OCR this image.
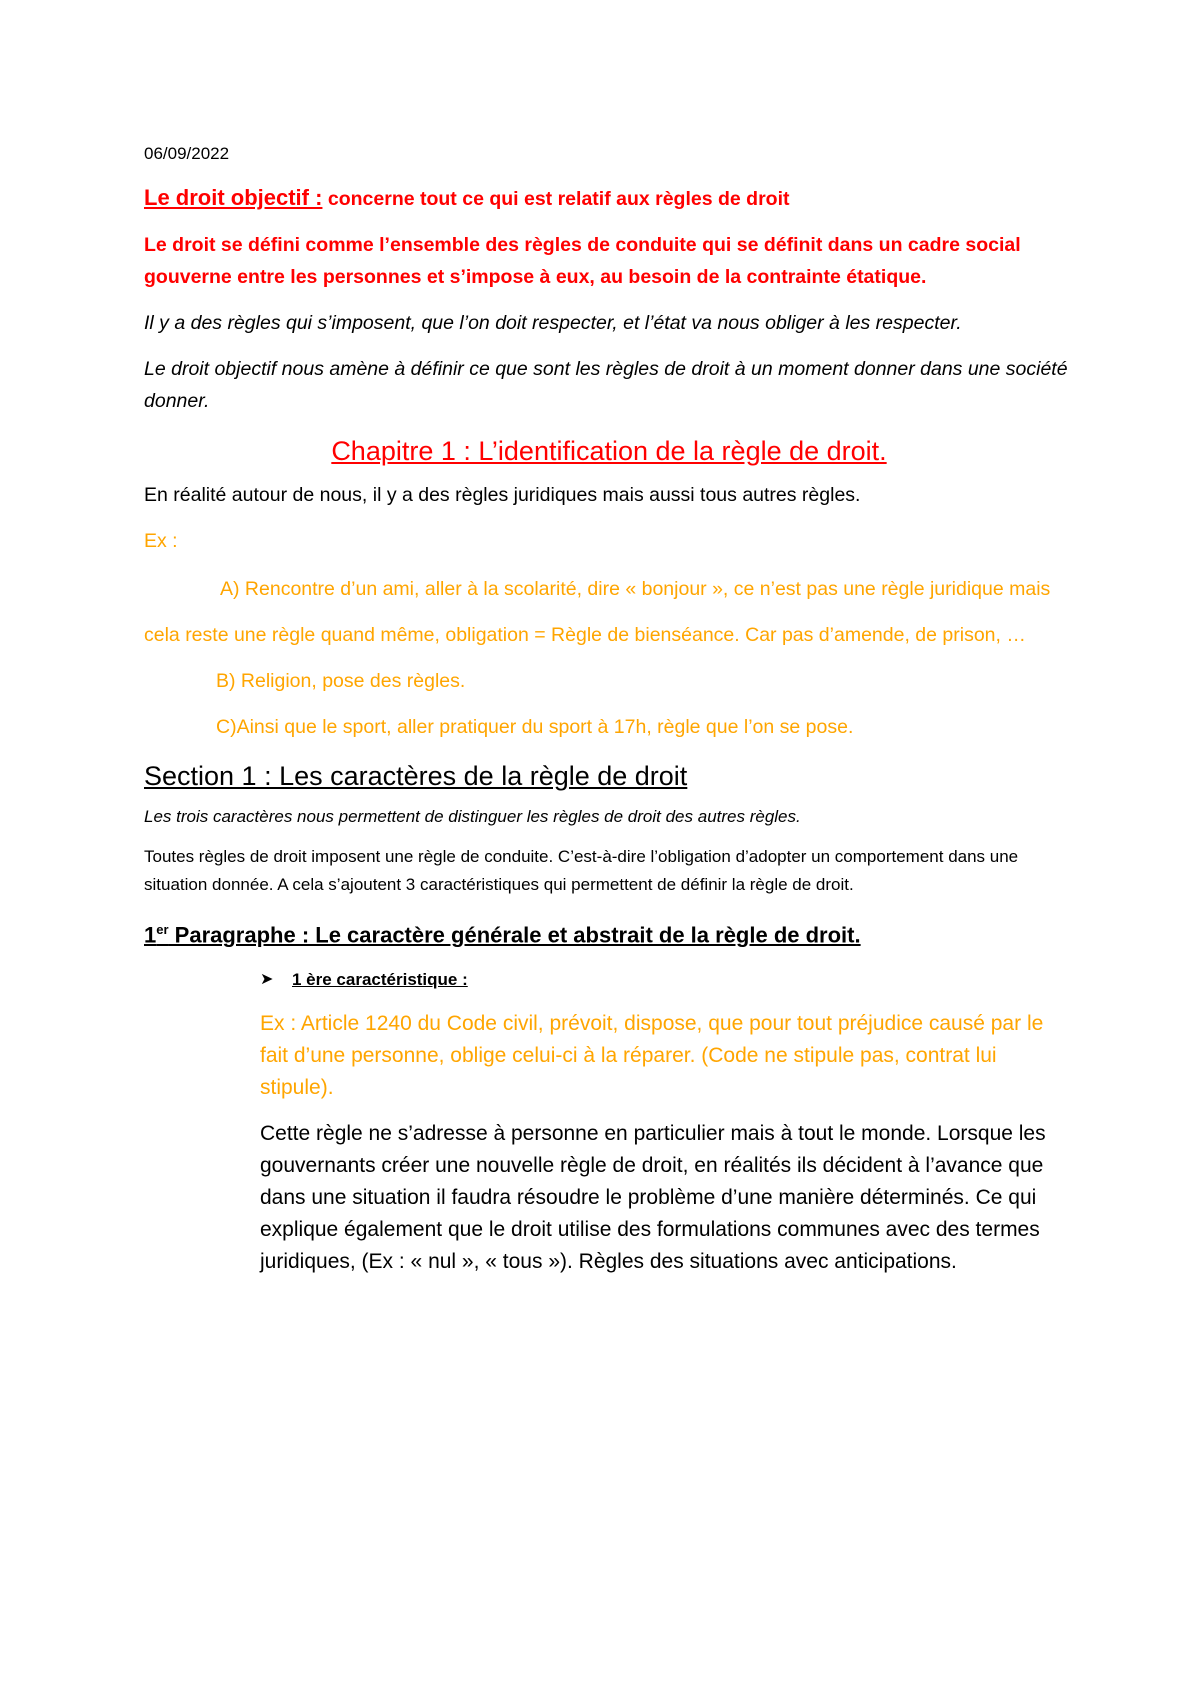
06/09/2022

Le droit objectif : concerne tout ce qui est relatif aux règles de droit

Le droit se défini comme l’ensemble des règles de conduite qui se définit dans un cadre social gouverne entre les personnes et s’impose à eux, au besoin de la contrainte étatique.

Il y a des règles qui s’imposent, que l’on doit respecter, et l’état va nous obliger à les respecter.

Le droit objectif nous amène à définir ce que sont les règles de droit à un moment donner dans une société donner.

Chapitre 1 : L’identification de la règle de droit.

En réalité autour de nous, il y a des règles juridiques mais aussi tous autres règles.

Ex :

A) Rencontre d’un ami, aller à la scolarité, dire « bonjour », ce n’est pas une règle juridique mais

cela reste une règle quand même, obligation = Règle de bienséance. Car pas d’amende, de prison, …

B) Religion, pose des règles.

C)Ainsi que le sport, aller pratiquer du sport à 17h, règle que l’on se pose.

Section 1 : Les caractères de la règle de droit

Les trois caractères nous permettent de distinguer les règles de droit des autres règles.

Toutes règles de droit imposent une règle de conduite. C’est-à-dire l’obligation d’adopter un comportement dans une situation donnée. A cela s’ajoutent 3 caractéristiques qui permettent de définir la règle de droit.

1er Paragraphe : Le caractère générale et abstrait de la règle de droit.

➤ 1 ère caractéristique :

Ex : Article 1240 du Code civil, prévoit, dispose, que pour tout préjudice causé par le fait d’une personne, oblige celui-ci à la réparer. (Code ne stipule pas, contrat lui stipule).

Cette règle ne s’adresse à personne en particulier mais à tout le monde. Lorsque les gouvernants créer une nouvelle règle de droit, en réalités ils décident à l’avance que dans une situation il faudra résoudre le problème d’une manière déterminés. Ce qui explique également que le droit utilise des formulations communes avec des termes juridiques, (Ex : « nul », « tous »). Règles des situations avec anticipations.
